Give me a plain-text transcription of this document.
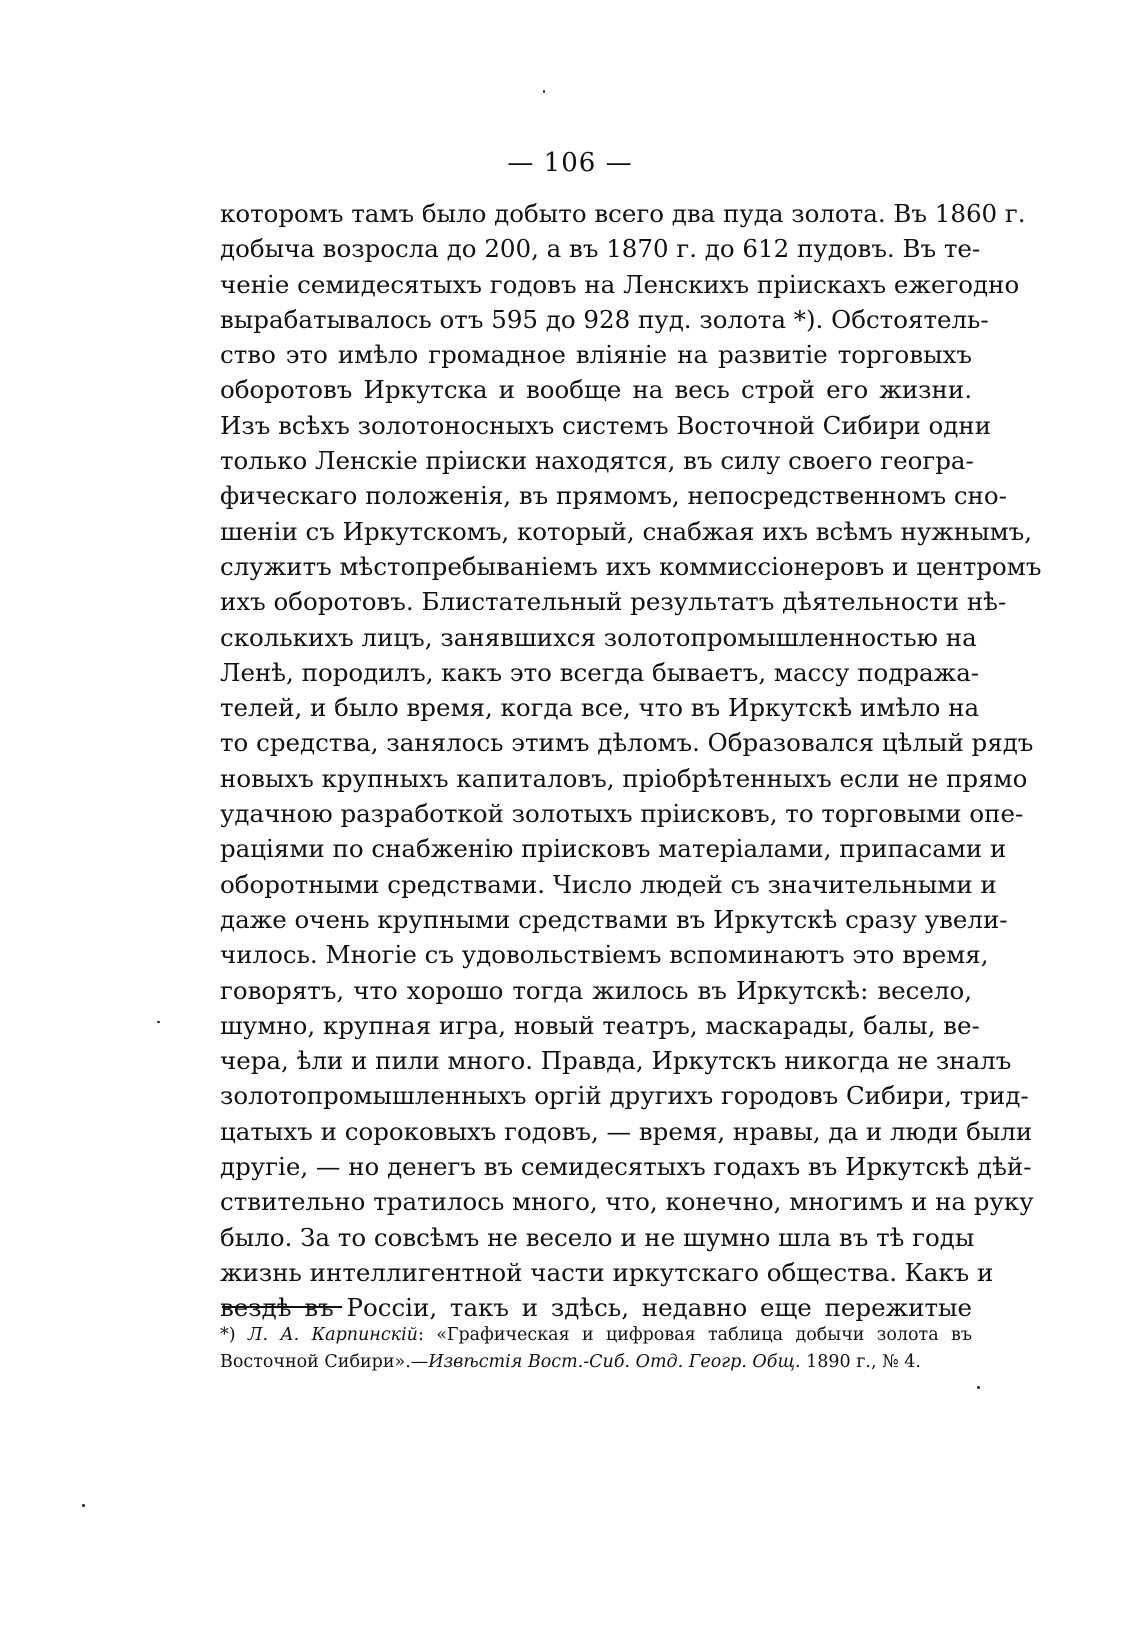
— 106 —
которомъ тамъ было добыто всего два пуда золота. Въ 1860 г.
добыча возросла до 200, а въ 1870 г. до 612 пудовъ. Въ те-
ченіе семидесятыхъ годовъ на Ленскихъ пріискахъ ежегодно
вырабатывалось отъ 595 до 928 пуд. золота *). Обстоятель-
ство это имѣло громадное вліяніе на развитіе торговыхъ
оборотовъ Иркутска и вообще на весь строй его жизни.
Изъ всѣхъ золотоносныхъ системъ Восточной Сибири одни
только Ленскіе пріиски находятся, въ силу своего геогра-
фическаго положенія, въ прямомъ, непосредственномъ сно-
шеніи съ Иркутскомъ, который, снабжая ихъ всѣмъ нужнымъ,
служитъ мѣстопребываніемъ ихъ коммиссіонеровъ и центромъ
ихъ оборотовъ. Блистательный результатъ дѣятельности нѣ-
сколькихъ лицъ, занявшихся золотопромышленностью на
Ленѣ, породилъ, какъ это всегда бываетъ, массу подража-
телей, и было время, когда все, что въ Иркутскѣ имѣло на
то средства, занялось этимъ дѣломъ. Образовался цѣлый рядъ
новыхъ крупныхъ капиталовъ, пріобрѣтенныхъ если не прямо
удачною разработкой золотыхъ пріисковъ, то торговыми опе-
раціями по снабженію пріисковъ матеріалами, припасами и
оборотными средствами. Число людей съ значительными и
даже очень крупными средствами въ Иркутскѣ сразу увели-
чилось. Многіе съ удовольствіемъ вспоминаютъ это время,
говорятъ, что хорошо тогда жилось въ Иркутскѣ: весело,
шумно, крупная игра, новый театръ, маскарады, балы, ве-
чера, ѣли и пили много. Правда, Иркутскъ никогда не зналъ
золотопромышленныхъ оргій другихъ городовъ Сибири, трид-
цатыхъ и сороковыхъ годовъ, — время, нравы, да и люди были
другіе, — но денегъ въ семидесятыхъ годахъ въ Иркутскѣ дѣй-
ствительно тратилось много, что, конечно, многимъ и на руку
было. За то совсѣмъ не весело и не шумно шла въ тѣ годы
жизнь интеллигентной части иркутскаго общества. Какъ и
вездѣ въ Россіи, такъ и здѣсь, недавно еще пережитые
*) Л. А. Карпинскій: «Графическая и цифровая таблица добычи золота въ
Восточной Сибири».—Извѣстія Вост.-Сиб. Отд. Геогр. Общ. 1890 г., № 4.
